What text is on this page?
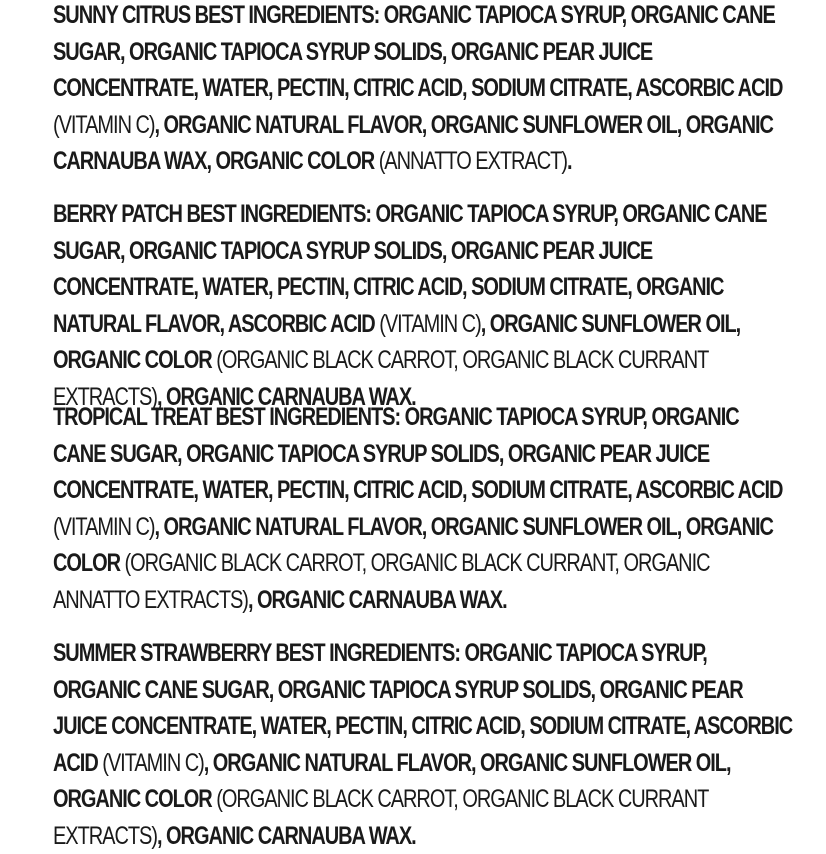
SUNNY CITRUS BEST INGREDIENTS: ORGANIC TAPIOCA SYRUP, ORGANIC CANE SUGAR, ORGANIC TAPIOCA SYRUP SOLIDS, ORGANIC PEAR JUICE CONCENTRATE, WATER, PECTIN, CITRIC ACID, SODIUM CITRATE, ASCORBIC ACID (VITAMIN C), ORGANIC NATURAL FLAVOR, ORGANIC SUNFLOWER OIL, ORGANIC CARNAUBA WAX, ORGANIC COLOR (ANNATTO EXTRACT).

BERRY PATCH BEST INGREDIENTS: ORGANIC TAPIOCA SYRUP, ORGANIC CANE SUGAR, ORGANIC TAPIOCA SYRUP SOLIDS, ORGANIC PEAR JUICE CONCENTRATE, WATER, PECTIN, CITRIC ACID, SODIUM CITRATE, ORGANIC NATURAL FLAVOR, ASCORBIC ACID (VITAMIN C), ORGANIC SUNFLOWER OIL, ORGANIC COLOR (ORGANIC BLACK CARROT, ORGANIC BLACK CURRANT EXTRACTS), ORGANIC CARNAUBA WAX.

TROPICAL TREAT BEST INGREDIENTS: ORGANIC TAPIOCA SYRUP, ORGANIC CANE SUGAR, ORGANIC TAPIOCA SYRUP SOLIDS, ORGANIC PEAR JUICE CONCENTRATE, WATER, PECTIN, CITRIC ACID, SODIUM CITRATE, ASCORBIC ACID (VITAMIN C), ORGANIC NATURAL FLAVOR, ORGANIC SUNFLOWER OIL, ORGANIC COLOR (ORGANIC BLACK CARROT, ORGANIC BLACK CURRANT, ORGANIC ANNATTO EXTRACTS), ORGANIC CARNAUBA WAX.

SUMMER STRAWBERRY BEST INGREDIENTS: ORGANIC TAPIOCA SYRUP, ORGANIC CANE SUGAR, ORGANIC TAPIOCA SYRUP SOLIDS, ORGANIC PEAR JUICE CONCENTRATE, WATER, PECTIN, CITRIC ACID, SODIUM CITRATE, ASCORBIC ACID (VITAMIN C), ORGANIC NATURAL FLAVOR, ORGANIC SUNFLOWER OIL, ORGANIC COLOR (ORGANIC BLACK CARROT, ORGANIC BLACK CURRANT EXTRACTS), ORGANIC CARNAUBA WAX.
